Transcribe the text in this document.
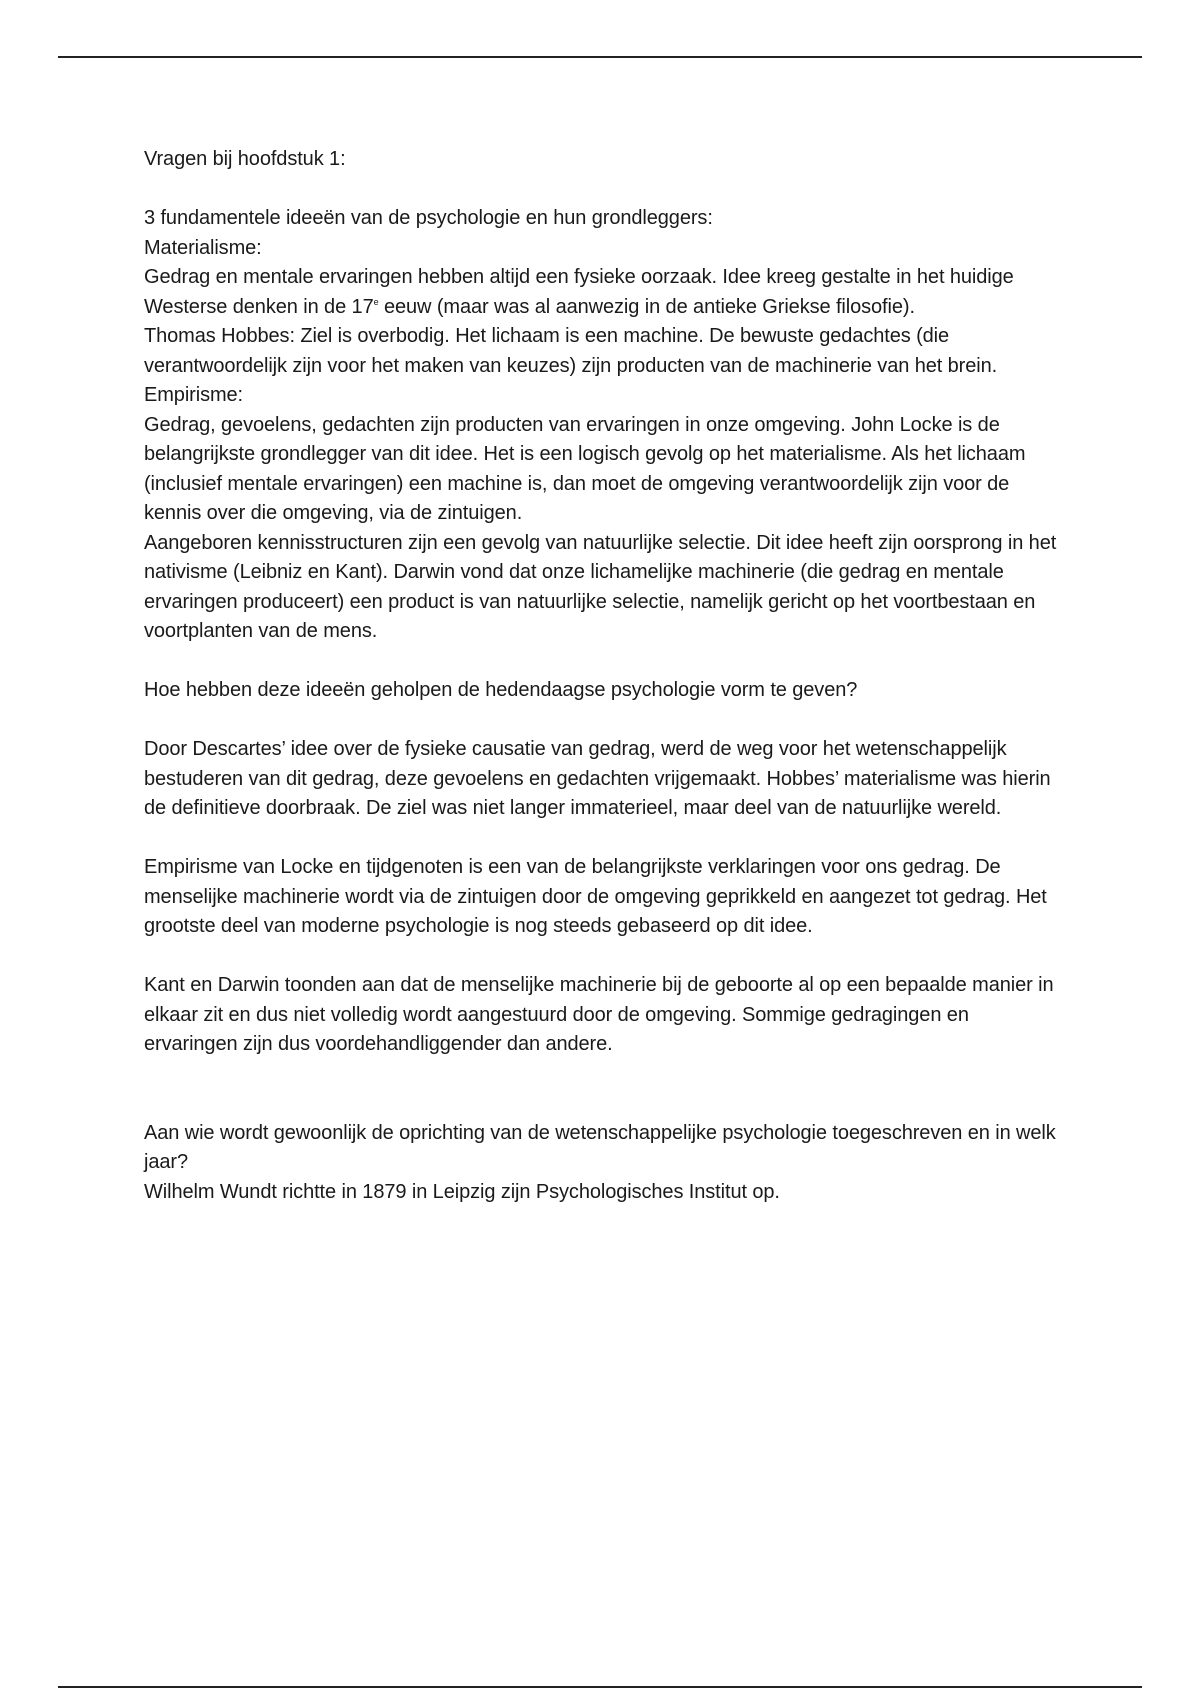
Vragen bij hoofdstuk 1:

3 fundamentele ideeën van de psychologie en hun grondleggers:

Materialisme:

Gedrag en mentale ervaringen hebben altijd een fysieke oorzaak. Idee kreeg gestalte in het huidige Westerse denken in de 17e eeuw (maar was al aanwezig in de antieke Griekse filosofie).

Thomas Hobbes: Ziel is overbodig. Het lichaam is een machine. De bewuste gedachtes (die verantwoordelijk zijn voor het maken van keuzes) zijn producten van de machinerie van het brein.

Empirisme:

Gedrag, gevoelens, gedachten zijn producten van ervaringen in onze omgeving. John Locke is de belangrijkste grondlegger van dit idee. Het is een logisch gevolg op het materialisme. Als het lichaam (inclusief mentale ervaringen) een machine is, dan moet de omgeving verantwoordelijk zijn voor de kennis over die omgeving, via de zintuigen.

Aangeboren kennisstructuren zijn een gevolg van natuurlijke selectie. Dit idee heeft zijn oorsprong in het nativisme (Leibniz en Kant). Darwin vond dat onze lichamelijke machinerie (die gedrag en mentale ervaringen produceert) een product is van natuurlijke selectie, namelijk gericht op het voortbestaan en voortplanten van de mens.

Hoe hebben deze ideeën geholpen de hedendaagse psychologie vorm te geven?

Door Descartes’ idee over de fysieke causatie van gedrag, werd de weg voor het wetenschappelijk bestuderen van dit gedrag, deze gevoelens en gedachten vrijgemaakt. Hobbes’ materialisme was hierin de definitieve doorbraak. De ziel was niet langer immaterieel, maar deel van de natuurlijke wereld.

Empirisme van Locke en tijdgenoten is een van de belangrijkste verklaringen voor ons gedrag. De menselijke machinerie wordt via de zintuigen door de omgeving geprikkeld en aangezet tot gedrag. Het grootste deel van moderne psychologie is nog steeds gebaseerd op dit idee.

Kant en Darwin toonden aan dat de menselijke machinerie bij de geboorte al op een bepaalde manier in elkaar zit en dus niet volledig wordt aangestuurd door de omgeving. Sommige gedragingen en ervaringen zijn dus voordehandliggender dan andere.

Aan wie wordt gewoonlijk de oprichting van de wetenschappelijke psychologie toegeschreven en in welk jaar?

Wilhelm Wundt richtte in 1879 in Leipzig zijn Psychologisches Institut op.
